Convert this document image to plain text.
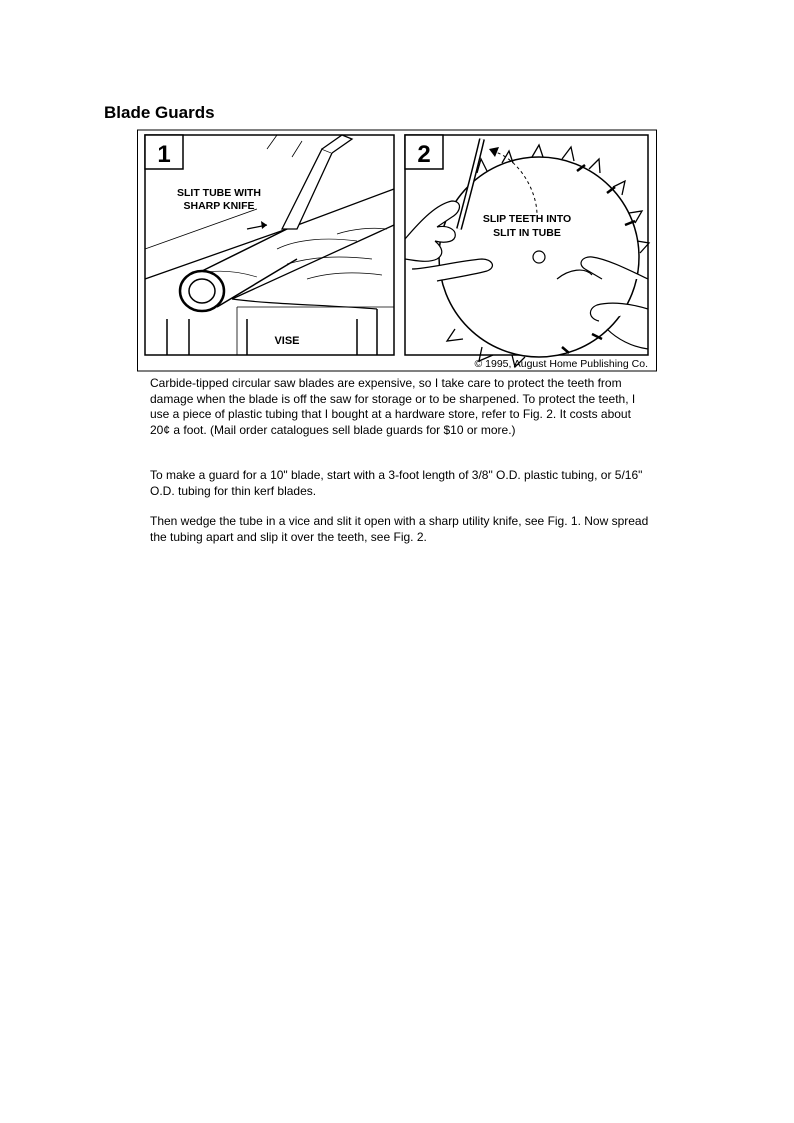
Blade Guards
1
SLIT TUBE WITH
SHARP KNIFE
VISE
2
SLIP TEETH INTO
SLIT IN TUBE
© 1995, August Home Publishing Co.

Carbide-tipped circular saw blades are expensive, so I take care to protect the teeth from damage when the blade is off the saw for storage or to be sharpened. To protect the teeth, I use a piece of plastic tubing that I bought at a hardware store, refer to Fig. 2. It costs about 20¢ a foot. (Mail order catalogues sell blade guards for $10 or more.)

To make a guard for a 10" blade, start with a 3-foot length of 3/8" O.D. plastic tubing, or 5/16" O.D. tubing for thin kerf blades.

Then wedge the tube in a vice and slit it open with a sharp utility knife, see Fig. 1. Now spread the tubing apart and slip it over the teeth, see Fig. 2.
